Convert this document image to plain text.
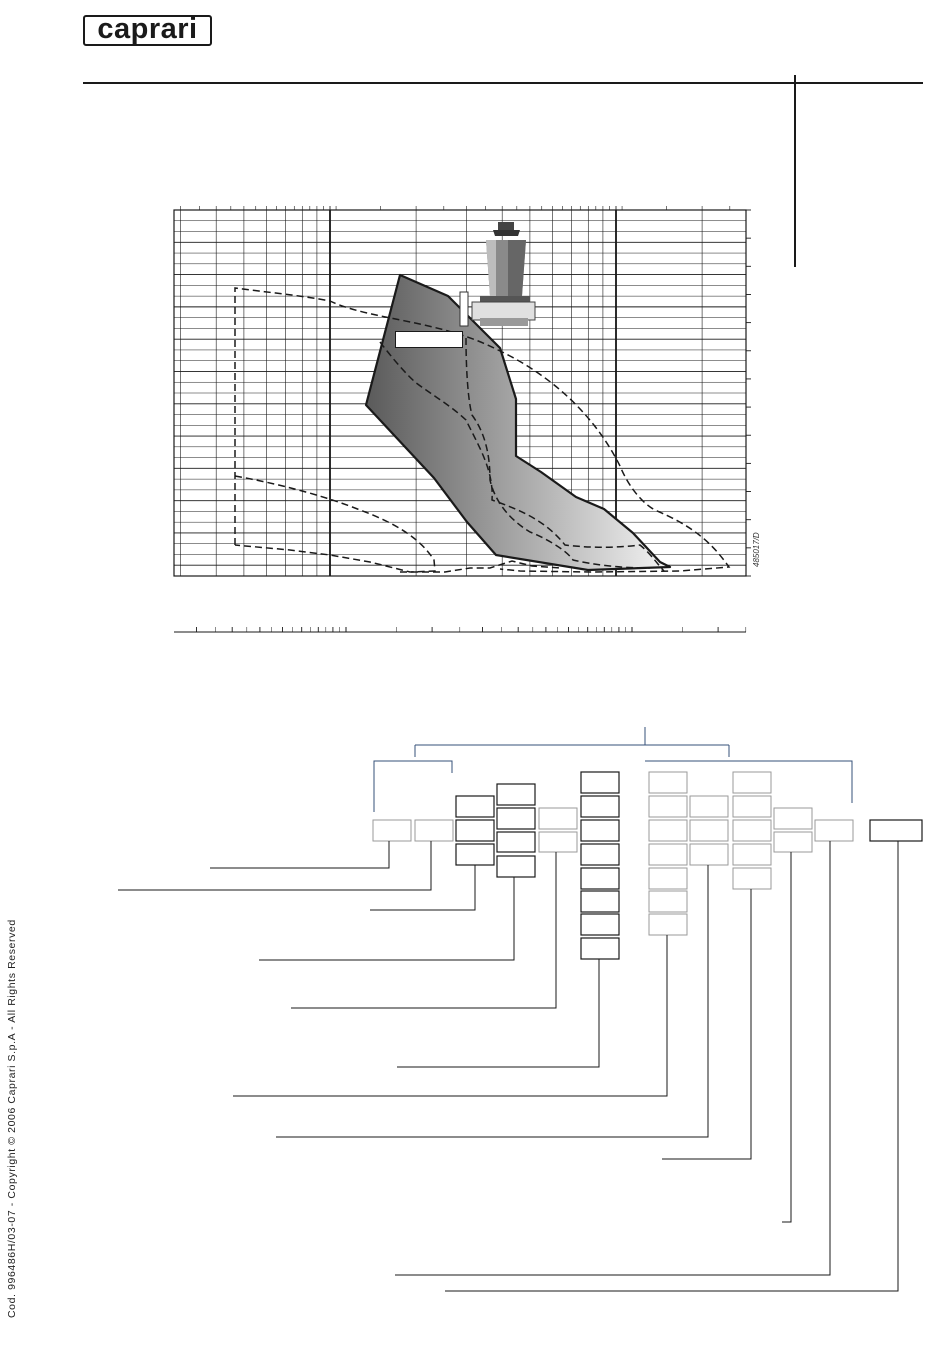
caprari
485017/D
Cod. 996486H/03-07 - Copyright © 2006 Caprari S.p.A - All Rights Reserved
